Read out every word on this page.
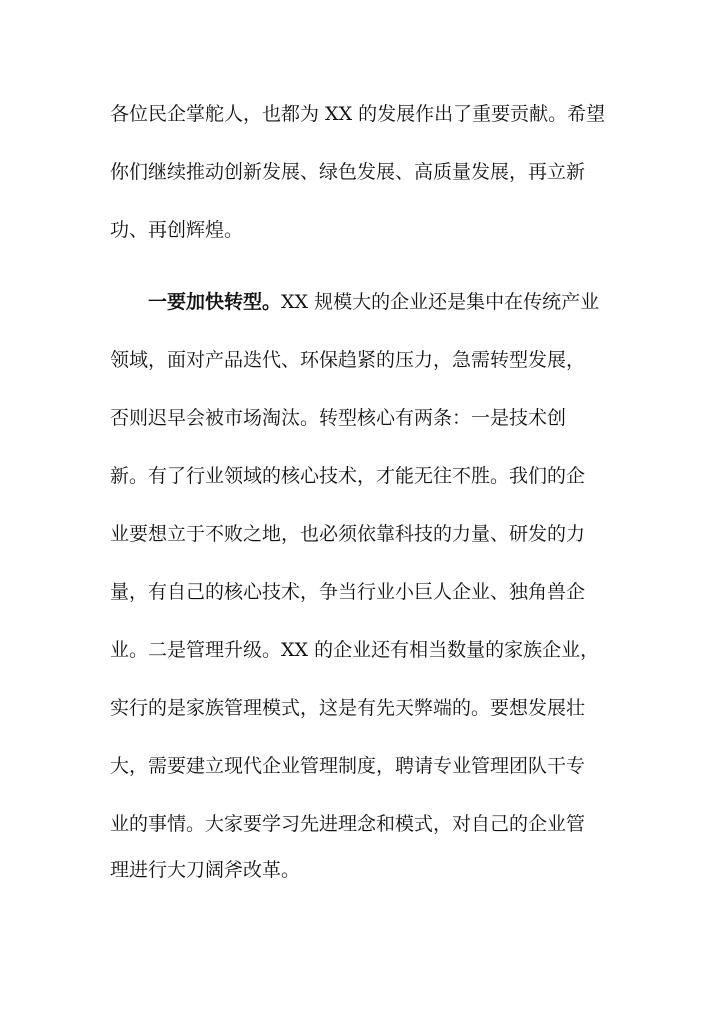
各位民企掌舵人，也都为 XX 的发展作出了重要贡献。希望

你们继续推动创新发展、绿色发展、高质量发展，再立新

功、再创辉煌。

一要加快转型。XX 规模大的企业还是集中在传统产业

领域，面对产品迭代、环保趋紧的压力，急需转型发展，

否则迟早会被市场淘汰。转型核心有两条：一是技术创

新。有了行业领域的核心技术，才能无往不胜。我们的企

业要想立于不败之地，也必须依靠科技的力量、研发的力

量，有自己的核心技术，争当行业小巨人企业、独角兽企

业。二是管理升级。XX 的企业还有相当数量的家族企业，

实行的是家族管理模式，这是有先天弊端的。要想发展壮

大，需要建立现代企业管理制度，聘请专业管理团队干专

业的事情。大家要学习先进理念和模式，对自己的企业管

理进行大刀阔斧改革。
